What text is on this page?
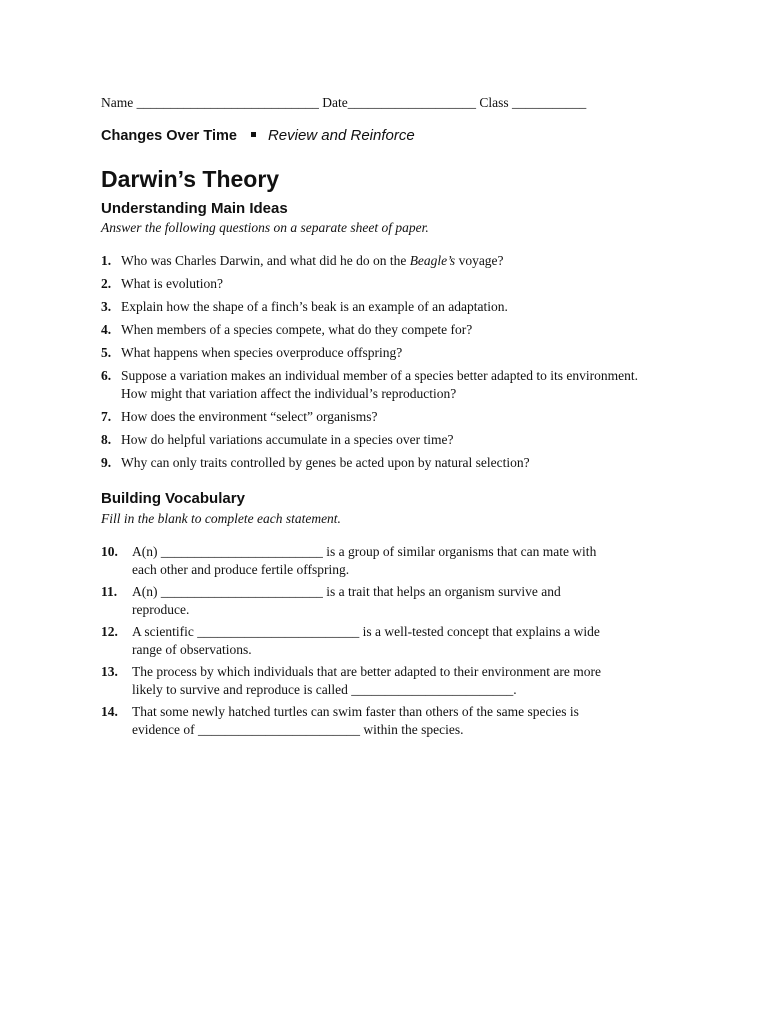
Name ___________________________ Date___________________ Class ___________
Changes Over Time Review and Reinforce
Darwin’s Theory
Understanding Main Ideas

Answer the following questions on a separate sheet of paper.

1. Who was Charles Darwin, and what did he do on the Beagle’s voyage?
2. What is evolution?
3. Explain how the shape of a finch’s beak is an example of an adaptation.
4. When members of a species compete, what do they compete for?
5. What happens when species overproduce offspring?
6. Suppose a variation makes an individual member of a species better adapted to its environment. How might that variation affect the individual’s reproduction?
7. How does the environment “select” organisms?
8. How do helpful variations accumulate in a species over time?
9. Why can only traits controlled by genes be acted upon by natural selection?
Building Vocabulary

Fill in the blank to complete each statement.

10.	A(n) ________________________ is a group of similar organisms that can mate with each other and produce fertile offspring.
11.	A(n) ________________________ is a trait that helps an organism survive and reproduce.
12.	A scientific ________________________ is a well-tested concept that explains a wide range of observations.
13.	The process by which individuals that are better adapted to their environment are more likely to survive and reproduce is called ________________________.
14.	That some newly hatched turtles can swim faster than others of the same species is evidence of ________________________ within the species.
